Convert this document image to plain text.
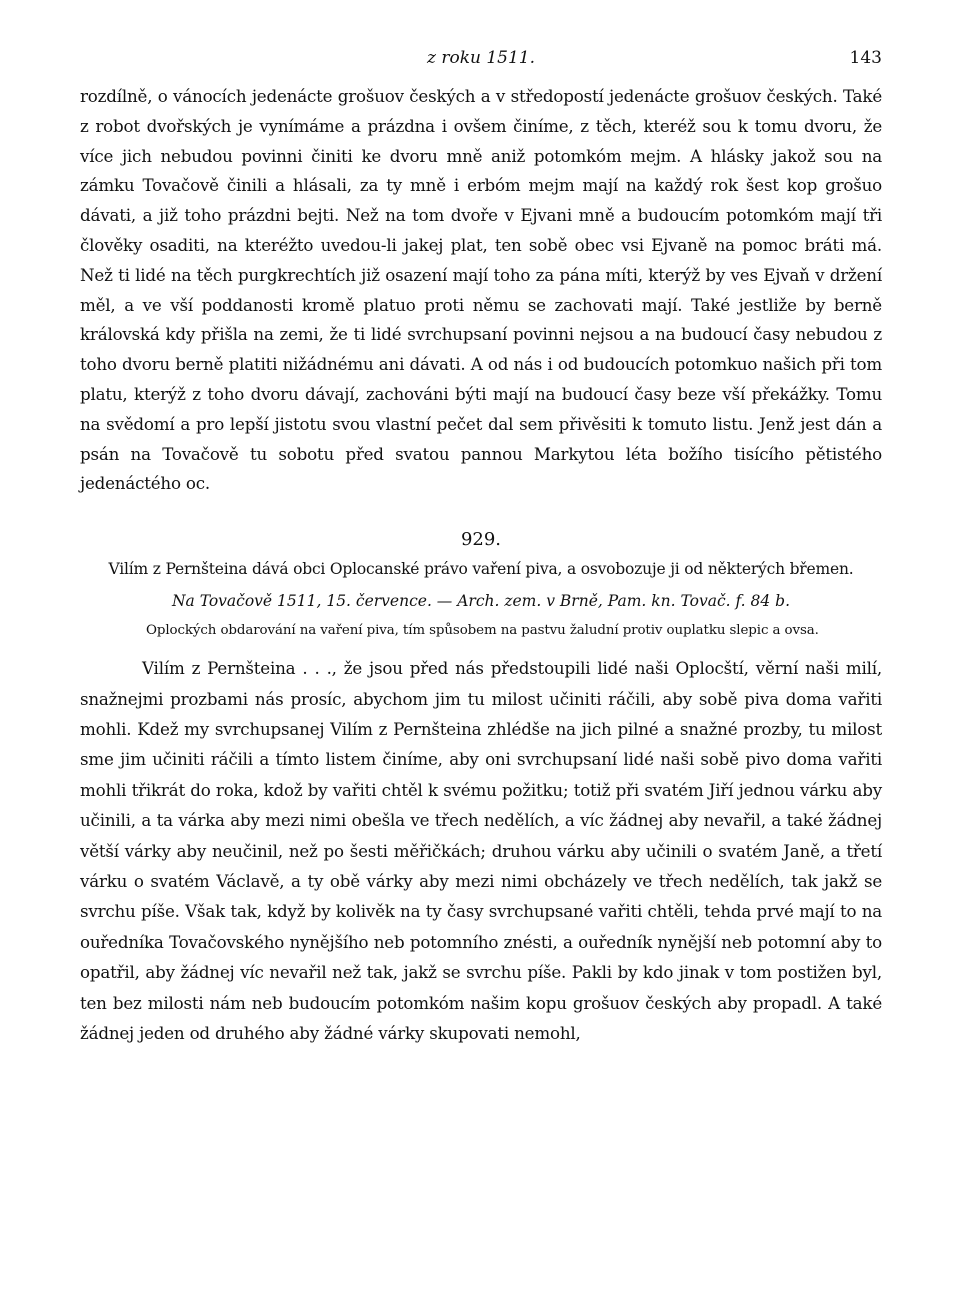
z roku 1511.	143

rozdílně, o vánocích jedenácte grošuov českých a v středopostí jedenácte grošuov českých. Také z robot dvořských je vynímáme a prázdna i ovšem činíme, z těch, kteréž sou k tomu dvoru, že více jich nebudou povinni činiti ke dvoru mně aniž potomkóm mejm. A hlásky jakož sou na zámku Tovačově činili a hlásali, za ty mně i erbóm mejm mají na každý rok šest kop grošuo dávati, a již toho prázdni bejti. Než na tom dvoře v Ejvani mně a budoucím potomkóm mají tři člověky osaditi, na kteréžto uvedou-li jakej plat, ten sobě obec vsi Ejvaně na pomoc bráti má. Než ti lidé na těch purgkrechtích již osazení mají toho za pána míti, kterýž by ves Ejvaň v držení měl, a ve vší poddanosti kromě platuo proti němu se zachovati mají. Také jestliže by berně královská kdy přišla na zemi, že ti lidé svrchupsaní povinni nejsou a na budoucí časy nebudou z toho dvoru berně platiti nižádnému ani dávati. A od nás i od budoucích potomkuo našich při tom platu, kterýž z toho dvoru dávají, zachováni býti mají na budoucí časy beze vší překážky. Tomu na svědomí a pro lepší jistotu svou vlastní pečet dal sem přivěsiti k tomuto listu. Jenž jest dán a psán na Tovačově tu sobotu před svatou pannou Markytou léta božího tisícího pětistého jedenáctého oc.

929.

Vilím z Pernšteina dává obci Oplocanské právo vaření piva, a osvobozuje ji od některých břemen.

Na Tovačově 1511, 15. července. — Arch. zem. v Brně, Pam. kn. Tovač. f. 84 b.

Oplockých obdarování na vaření piva, tím spůsobem na pastvu žaludní protiv ouplatku slepic a ovsa.

Vilím z Pernšteina . . ., že jsou před nás předstoupili lidé naši Oplocští, věrní naši milí, snažnejmi prozbami nás prosíc, abychom jim tu milost učiniti ráčili, aby sobě piva doma vařiti mohli. Kdež my svrchupsanej Vilím z Pernšteina zhlédše na jich pilné a snažné prozby, tu milost sme jim učiniti ráčili a tímto listem činíme, aby oni svrchupsaní lidé naši sobě pivo doma vařiti mohli třikrát do roka, kdož by vařiti chtěl k svému požitku; totiž při svatém Jiří jednou várku aby učinili, a ta várka aby mezi nimi obešla ve třech nedělích, a víc žádnej aby nevařil, a také žádnej větší várky aby neučinil, než po šesti měřičkách; druhou várku aby učinili o svatém Janě, a třetí várku o svatém Václavě, a ty obě várky aby mezi nimi obcházely ve třech nedělích, tak jakž se svrchu píše. Však tak, když by kolivěk na ty časy svrchupsané vařiti chtěli, tehda prvé mají to na ouředníka Tovačovského nynějšího neb potomního znésti, a ouředník nynější neb potomní aby to opatřil, aby žádnej víc nevařil než tak, jakž se svrchu píše. Pakli by kdo jinak v tom postižen byl, ten bez milosti nám neb budoucím potomkóm našim kopu grošuov českých aby propadl. A také žádnej jeden od druhého aby žádné várky skupovati nemohl,
